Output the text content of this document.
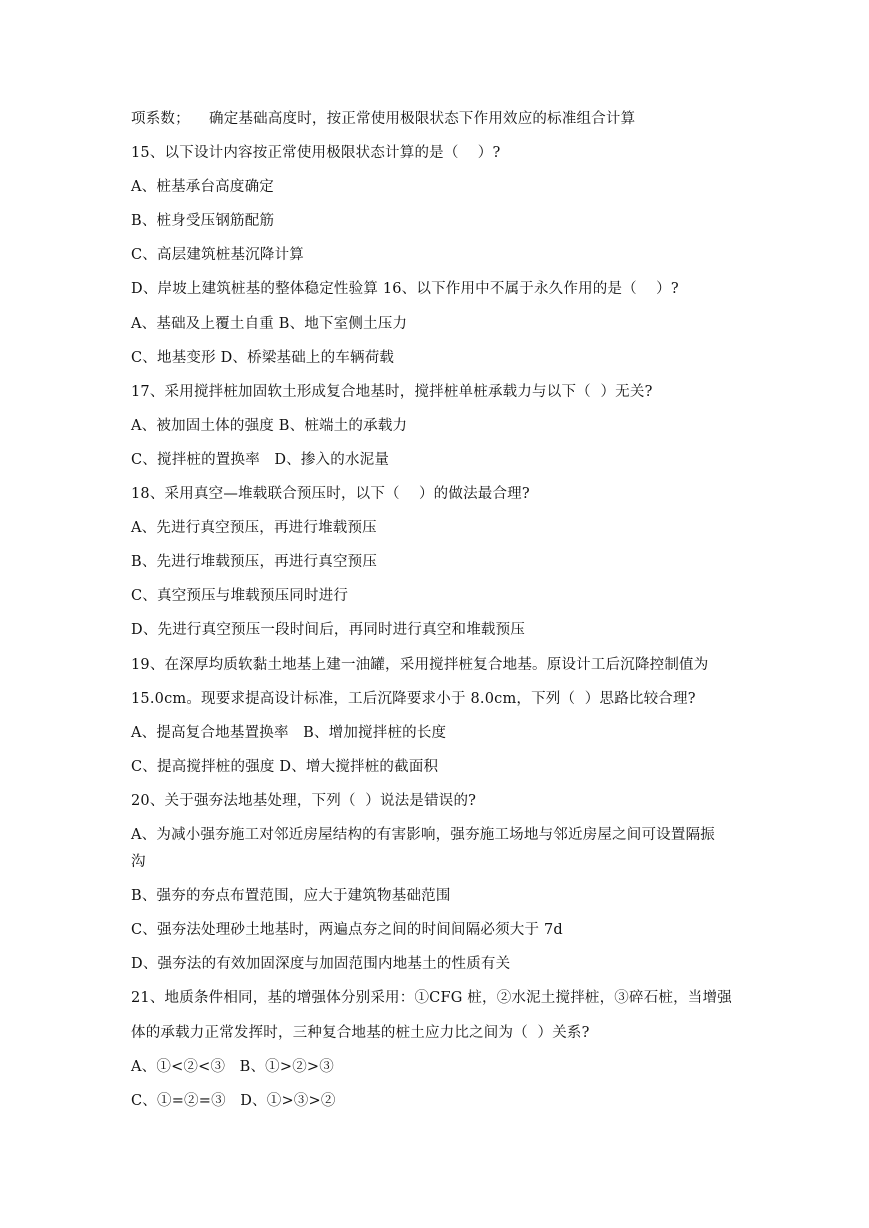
项系数；    确定基础高度时，按正常使用极限状态下作用效应的标准组合计算
15、以下设计内容按正常使用极限状态计算的是（    ）?
A、桩基承台高度确定
B、桩身受压钢筋配筋
C、高层建筑桩基沉降计算
D、岸坡上建筑桩基的整体稳定性验算 16、以下作用中不属于永久作用的是（    ）?
A、基础及上覆土自重 B、地下室侧土压力
C、地基变形 D、桥梁基础上的车辆荷载
17、采用搅拌桩加固软土形成复合地基时，搅拌桩单桩承载力与以下（  ）无关?
A、被加固土体的强度 B、桩端土的承载力
C、搅拌桩的置换率   D、掺入的水泥量
18、采用真空—堆载联合预压时，以下（    ）的做法最合理?
A、先进行真空预压，再进行堆载预压
B、先进行堆载预压，再进行真空预压
C、真空预压与堆载预压同时进行
D、先进行真空预压一段时间后，再同时进行真空和堆载预压
19、在深厚均质软黏土地基上建一油罐，采用搅拌桩复合地基。原设计工后沉降控制值为
15.0cm。现要求提高设计标准，工后沉降要求小于 8.0cm，下列（  ）思路比较合理?
A、提高复合地基置换率   B、增加搅拌桩的长度
C、提高搅拌桩的强度 D、增大搅拌桩的截面积
20、关于强夯法地基处理，下列（  ）说法是错误的?
A、为减小强夯施工对邻近房屋结构的有害影响，强夯施工场地与邻近房屋之间可设置隔振
沟
B、强夯的夯点布置范围，应大于建筑物基础范围
C、强夯法处理砂土地基时，两遍点夯之间的时间间隔必须大于 7d
D、强夯法的有效加固深度与加固范围内地基土的性质有关
21、地质条件相同，基的增强体分别采用：①CFG 桩，②水泥土搅拌桩，③碎石桩，当增强
体的承载力正常发挥时，三种复合地基的桩土应力比之间为（  ）关系?
A、①<②<③   B、①>②>③
C、①=②=③   D、①>③>②
